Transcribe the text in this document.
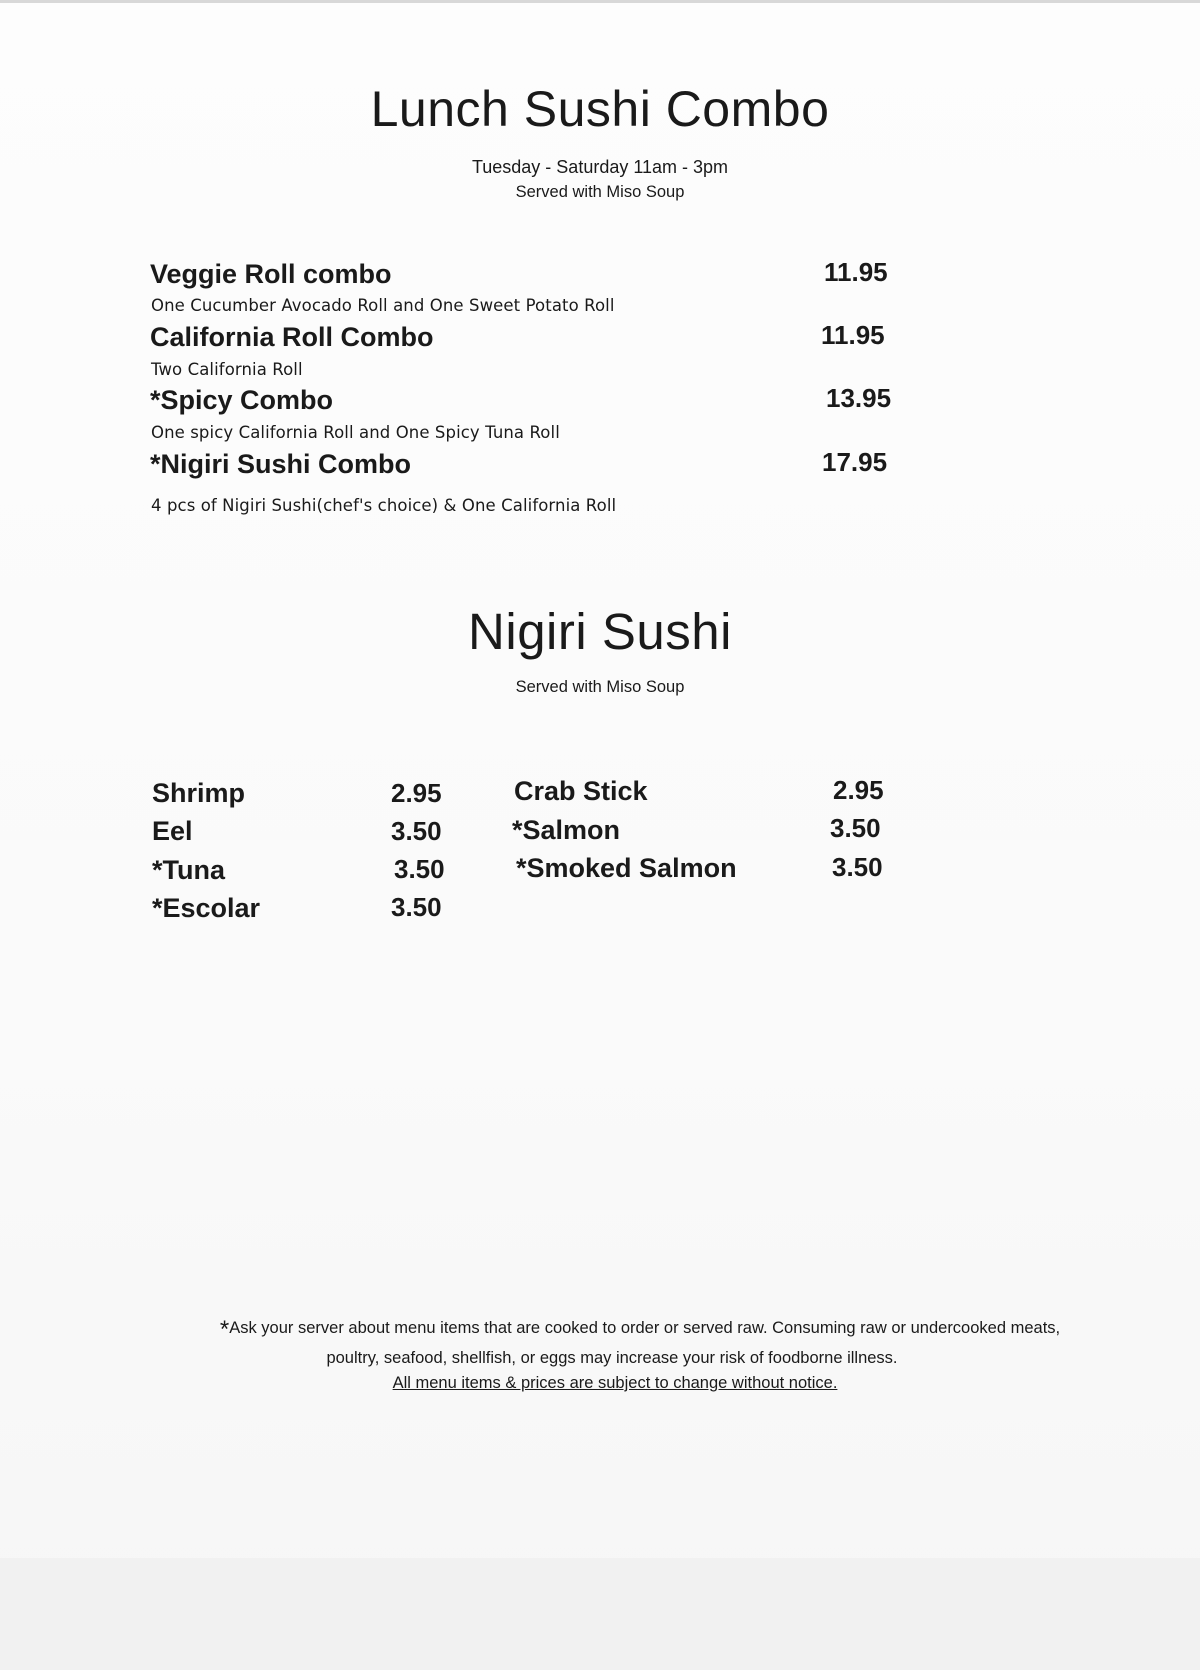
Lunch Sushi Combo

Tuesday - Saturday 11am - 3pm

Served with Miso Soup

Veggie Roll combo	11.95

One Cucumber Avocado Roll and One Sweet Potato Roll

California Roll Combo	11.95

Two California Roll

*Spicy Combo	13.95

One spicy California Roll and One Spicy Tuna Roll

*Nigiri Sushi Combo	17.95

4 pcs of Nigiri Sushi(chef's choice) & One California Roll

Nigiri Sushi

Served with Miso Soup

Shrimp	2.95

Eel	3.50

*Tuna	3.50

*Escolar	3.50

Crab Stick	2.95

*Salmon	3.50

*Smoked Salmon	3.50

*Ask your server about menu items that are cooked to order or served raw. Consuming raw or undercooked meats,

poultry, seafood, shellfish, or eggs may increase your risk of foodborne illness.

All menu items & prices are subject to change without notice.
